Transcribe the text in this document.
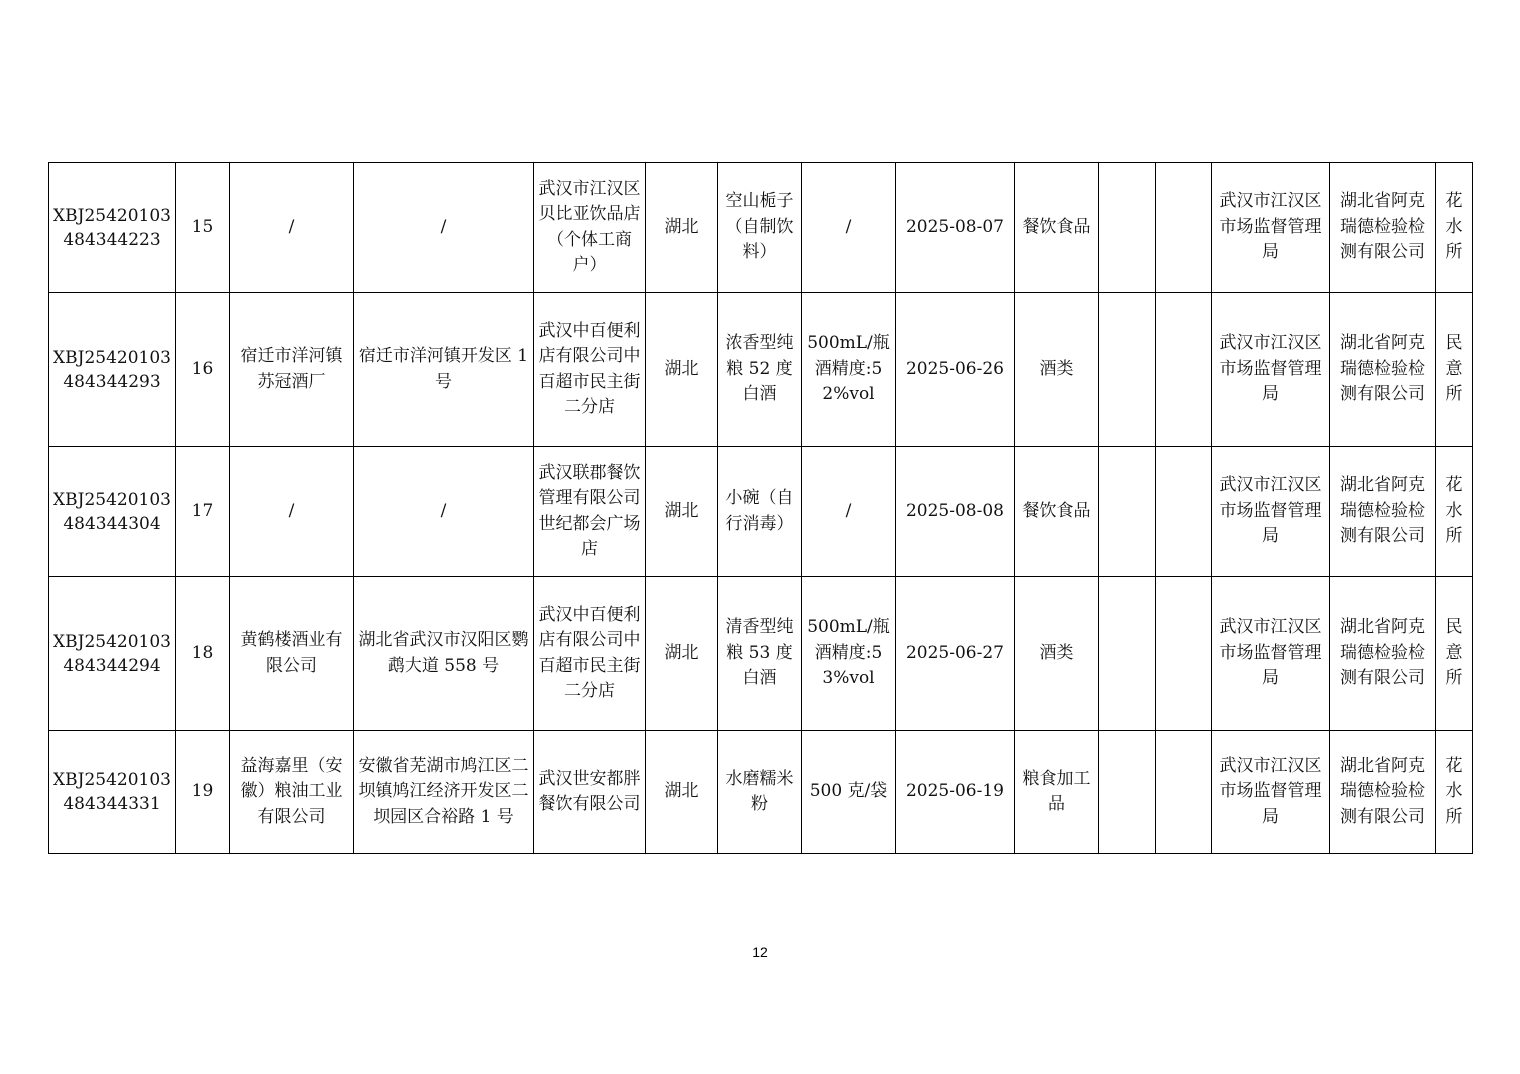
XBJ25420103484344223	15	/	/	武汉市江汉区贝比亚饮品店（个体工商户）	湖北	空山栀子（自制饮料）	/	2025-08-07	餐饮食品			武汉市江汉区市场监督管理局	湖北省阿克瑞德检验检测有限公司	花水所
XBJ25420103484344293	16	宿迁市洋河镇苏冠酒厂	宿迁市洋河镇开发区 1 号	武汉中百便利店有限公司中百超市民主街二分店	湖北	浓香型纯粮 52 度白酒	500mL/瓶 酒精度:52%vol	2025-06-26	酒类			武汉市江汉区市场监督管理局	湖北省阿克瑞德检验检测有限公司	民意所
XBJ25420103484344304	17	/	/	武汉联郡餐饮管理有限公司世纪都会广场店	湖北	小碗（自行消毒）	/	2025-08-08	餐饮食品			武汉市江汉区市场监督管理局	湖北省阿克瑞德检验检测有限公司	花水所
XBJ25420103484344294	18	黄鹤楼酒业有限公司	湖北省武汉市汉阳区鹦鹉大道 558 号	武汉中百便利店有限公司中百超市民主街二分店	湖北	清香型纯粮 53 度白酒	500mL/瓶 酒精度:53%vol	2025-06-27	酒类			武汉市江汉区市场监督管理局	湖北省阿克瑞德检验检测有限公司	民意所
XBJ25420103484344331	19	益海嘉里（安徽）粮油工业有限公司	安徽省芜湖市鸠江区二坝镇鸠江经济开发区二坝园区合裕路 1 号	武汉世安都胖餐饮有限公司	湖北	水磨糯米粉	500 克/袋	2025-06-19	粮食加工品			武汉市江汉区市场监督管理局	湖北省阿克瑞德检验检测有限公司	花水所
12
